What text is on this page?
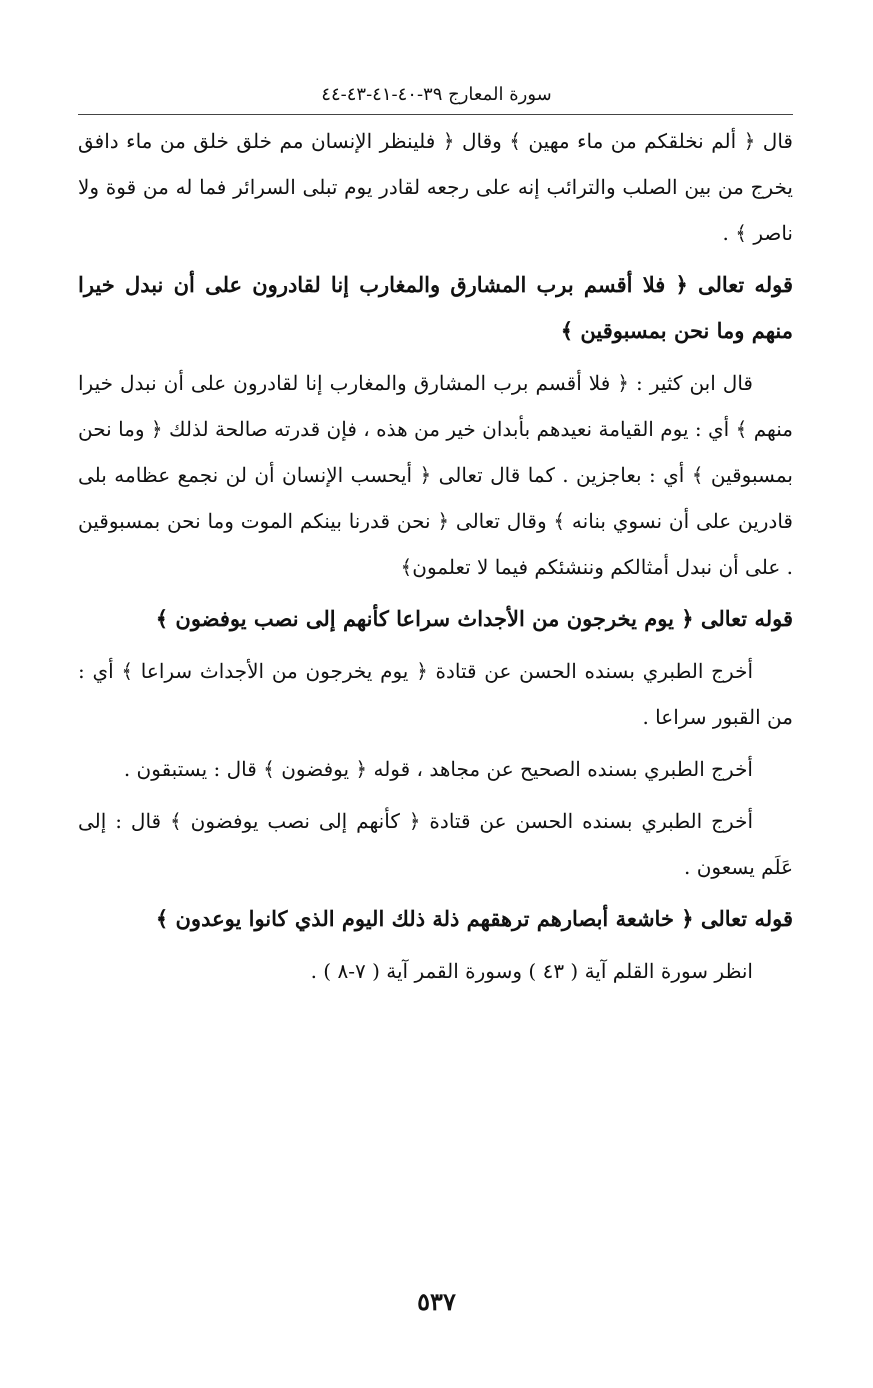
سورة المعارج ٣٩-٤٠-٤١-٤٣-٤٤

قال ﴿ ألم نخلقكم من ماء مهين ﴾ وقال ﴿ فلينظر الإنسان مم خلق خلق من ماء دافق يخرج من بين الصلب والترائب إنه على رجعه لقادر يوم تبلى السرائر فما له من قوة ولا ناصر ﴾ .

قوله تعالى ﴿ فلا أقسم برب المشارق والمغارب إنا لقادرون على أن نبدل خيرا منهم وما نحن بمسبوقين ﴾

قال ابن كثير : ﴿ فلا أقسم برب المشارق والمغارب إنا لقادرون على أن نبدل خيرا منهم ﴾ أي : يوم القيامة نعيدهم بأبدان خير من هذه ، فإن قدرته صالحة لذلك ﴿ وما نحن بمسبوقين ﴾ أي : بعاجزين . كما قال تعالى ﴿ أيحسب الإنسان أن لن نجمع عظامه بلى قادرين على أن نسوي بنانه ﴾ وقال تعالى ﴿ نحن قدرنا بينكم الموت وما نحن بمسبوقين . على أن نبدل أمثالكم وننشئكم فيما لا تعلمون﴾

قوله تعالى ﴿ يوم يخرجون من الأجداث سراعا كأنهم إلى نصب يوفضون ﴾

أخرج الطبري بسنده الحسن عن قتادة ﴿ يوم يخرجون من الأجداث سراعا ﴾ أي : من القبور سراعا .

أخرج الطبري بسنده الصحيح عن مجاهد ، قوله ﴿ يوفضون ﴾ قال : يستبقون .

أخرج الطبري بسنده الحسن عن قتادة ﴿ كأنهم إلى نصب يوفضون ﴾ قال : إلى عَلَم يسعون .

قوله تعالى ﴿ خاشعة أبصارهم ترهقهم ذلة ذلك اليوم الذي كانوا يوعدون ﴾

انظر سورة القلم آية ( ٤٣ ) وسورة القمر آية ( ٧-٨ ) .

٥٣٧
